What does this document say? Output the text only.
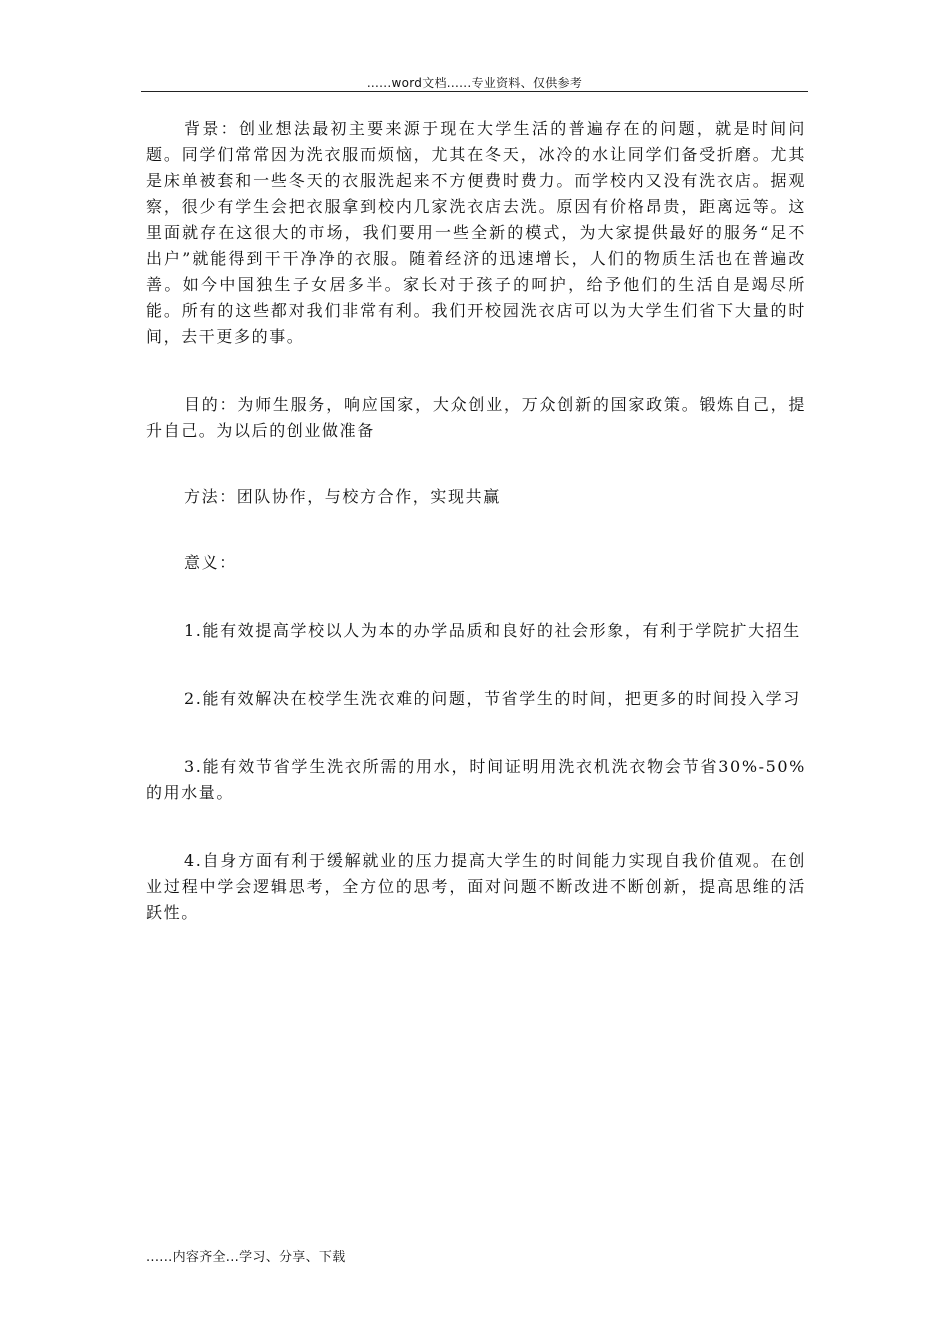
......word文档......专业资料、仅供参考

背景：创业想法最初主要来源于现在大学生活的普遍存在的问题，就是时间问题。同学们常常因为洗衣服而烦恼，尤其在冬天，冰冷的水让同学们备受折磨。尤其是床单被套和一些冬天的衣服洗起来不方便费时费力。而学校内又没有洗衣店。据观察，很少有学生会把衣服拿到校内几家洗衣店去洗。原因有价格昂贵，距离远等。这里面就存在这很大的市场，我们要用一些全新的模式，为大家提供最好的服务“足不出户”就能得到干干净净的衣服。随着经济的迅速增长，人们的物质生活也在普遍改善。如今中国独生子女居多半。家长对于孩子的呵护，给予他们的生活自是竭尽所能。所有的这些都对我们非常有利。我们开校园洗衣店可以为大学生们省下大量的时间，去干更多的事。

目的：为师生服务，响应国家，大众创业，万众创新的国家政策。锻炼自己，提升自己。为以后的创业做准备

方法：团队协作，与校方合作，实现共赢

意义：

1.能有效提高学校以人为本的办学品质和良好的社会形象，有利于学院扩大招生

2.能有效解决在校学生洗衣难的问题，节省学生的时间，把更多的时间投入学习

3.能有效节省学生洗衣所需的用水，时间证明用洗衣机洗衣物会节省30%-50%的用水量。

4.自身方面有利于缓解就业的压力提高大学生的时间能力实现自我价值观。在创业过程中学会逻辑思考，全方位的思考，面对问题不断改进不断创新，提高思维的活跃性。

......内容齐全...学习、分享、下载
